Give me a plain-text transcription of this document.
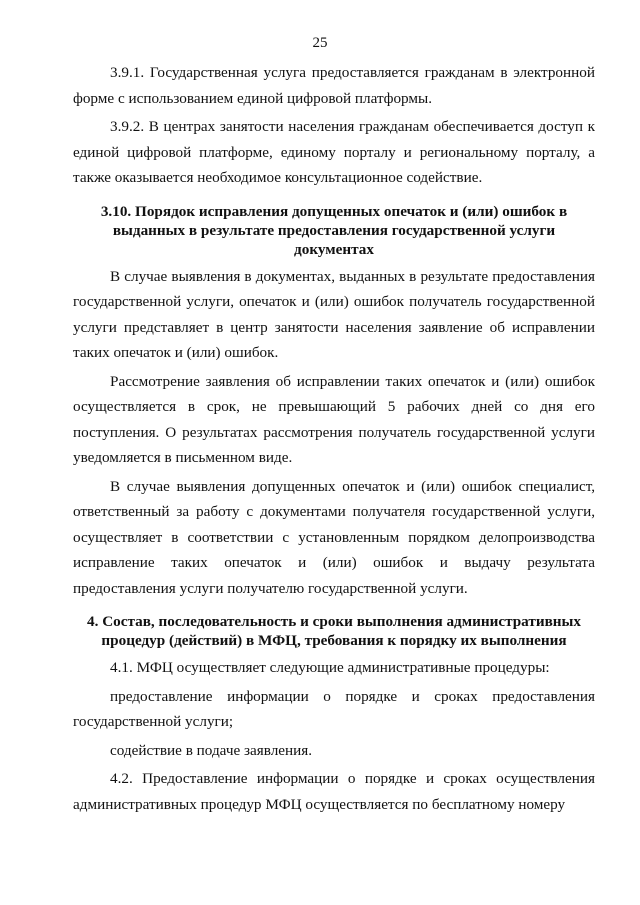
25

3.9.1. Государственная услуга предоставляется гражданам в электронной форме с использованием единой цифровой платформы.

3.9.2. В центрах занятости населения гражданам обеспечивается доступ к единой цифровой платформе, единому порталу и региональному порталу, а также оказывается необходимое консультационное содействие.

3.10. Порядок исправления допущенных опечаток и (или) ошибок в выданных в результате предоставления государственной услуги документах

В случае выявления в документах, выданных в результате предоставления государственной услуги, опечаток и (или) ошибок получатель государственной услуги представляет в центр занятости населения заявление об исправлении таких опечаток и (или) ошибок.

Рассмотрение заявления об исправлении таких опечаток и (или) ошибок осуществляется в срок, не превышающий 5 рабочих дней со дня его поступления. О результатах рассмотрения получатель государственной услуги уведомляется в письменном виде.

В случае выявления допущенных опечаток и (или) ошибок специалист, ответственный за работу с документами получателя государственной услуги, осуществляет в соответствии с установленным порядком делопроизводства исправление таких опечаток и (или) ошибок и выдачу результата предоставления услуги получателю государственной услуги.

4. Состав, последовательность и сроки выполнения административных процедур (действий) в МФЦ, требования к порядку их выполнения

4.1. МФЦ осуществляет следующие административные процедуры:

предоставление информации о порядке и сроках предоставления государственной услуги;

содействие в подаче заявления.

4.2. Предоставление информации о порядке и сроках осуществления административных процедур МФЦ осуществляется по бесплатному номеру
